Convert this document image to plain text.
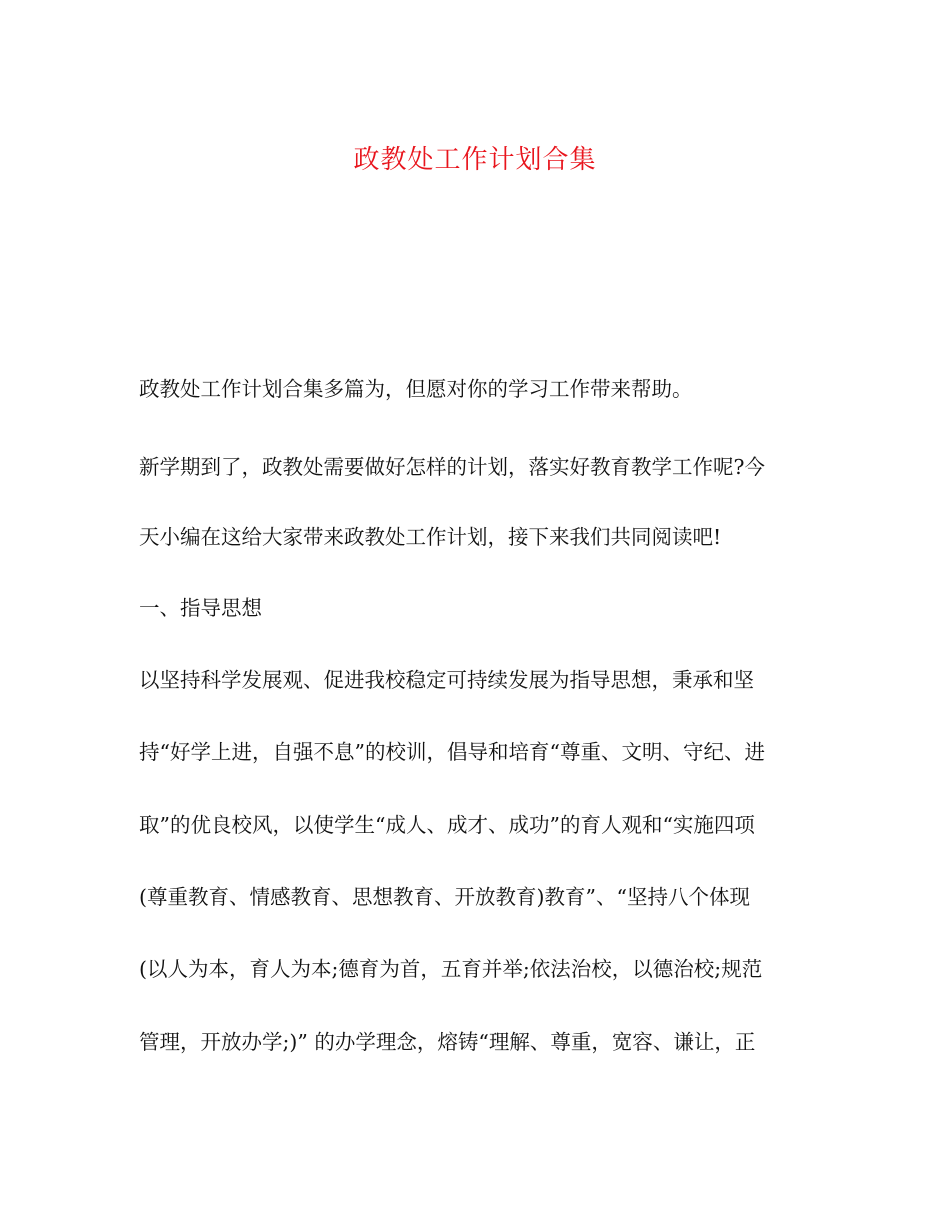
政教处工作计划合集
政教处工作计划合集多篇为，但愿对你的学习工作带来帮助。
新学期到了，政教处需要做好怎样的计划，落实好教育教学工作呢?今
天小编在这给大家带来政教处工作计划，接下来我们共同阅读吧!
一、指导思想
以坚持科学发展观、促进我校稳定可持续发展为指导思想，秉承和坚
持“好学上进，自强不息”的校训，倡导和培育“尊重、文明、守纪、进
取”的优良校风，以使学生“成人、成才、成功”的育人观和“实施四项
(尊重教育、情感教育、思想教育、开放教育)教育”、“坚持八个体现
(以人为本，育人为本;德育为首，五育并举;依法治校，以德治校;规范
管理，开放办学;)” 的办学理念，熔铸“理解、尊重，宽容、谦让，正
